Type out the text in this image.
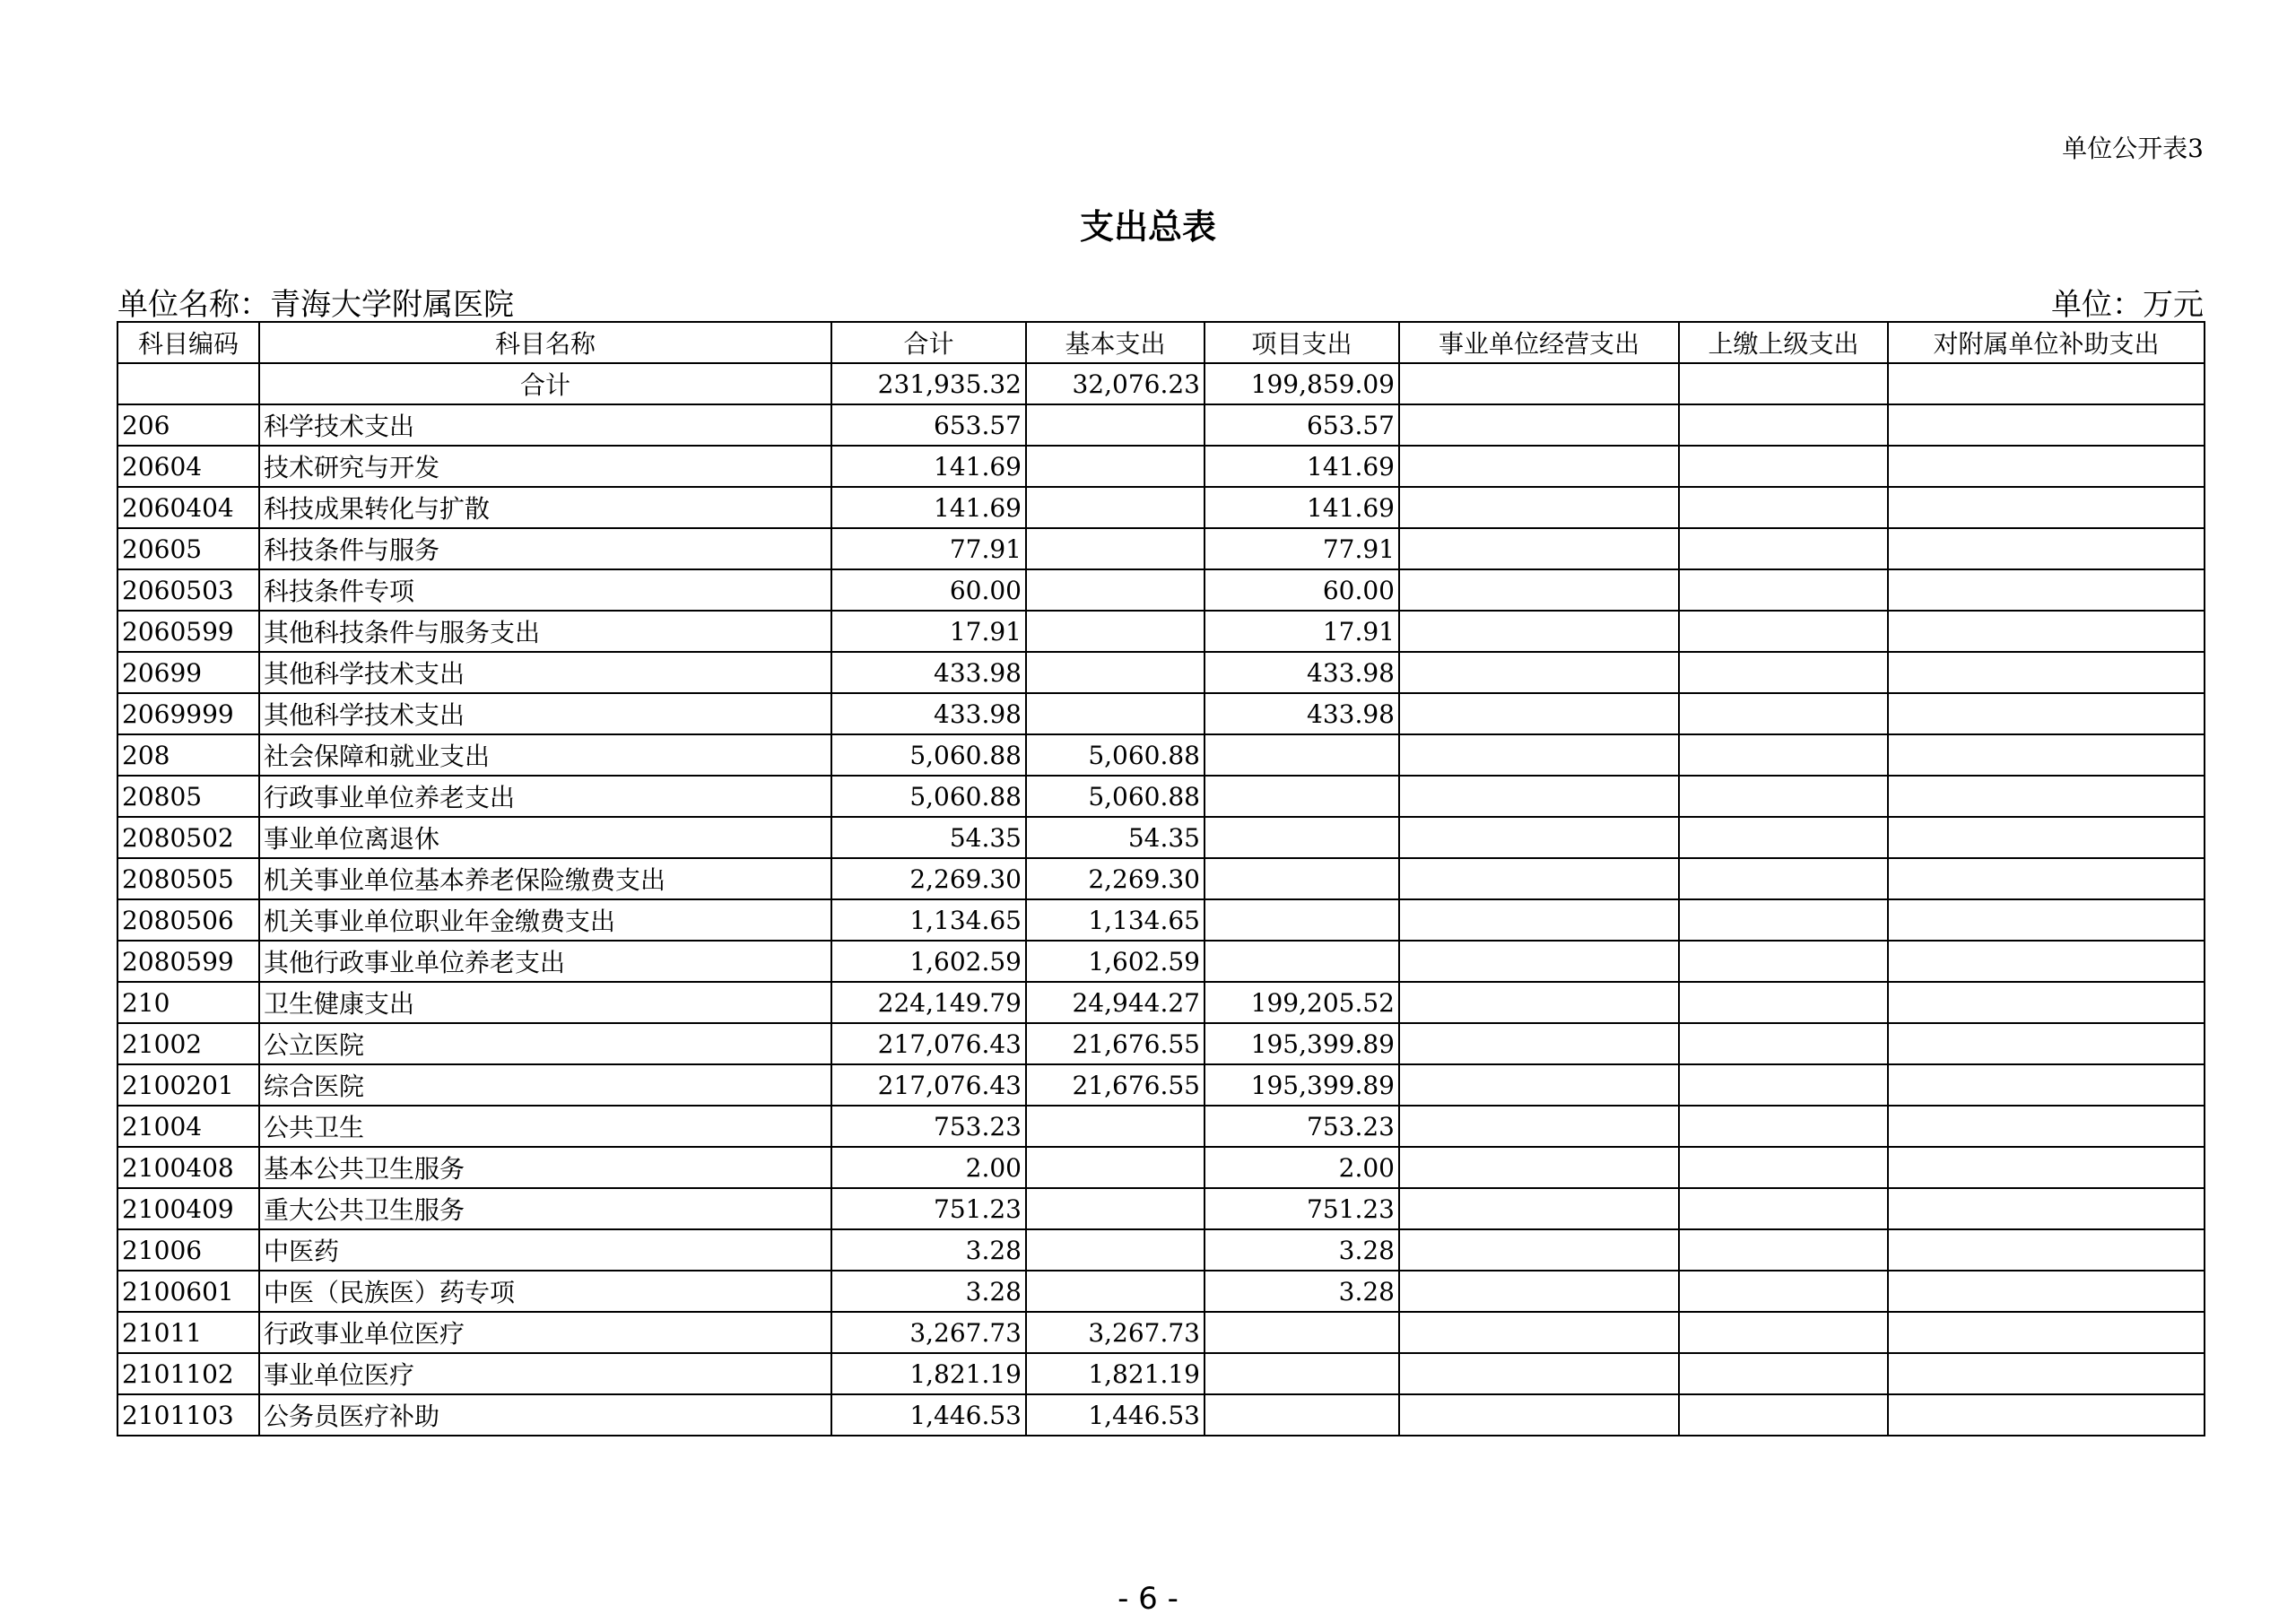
单位公开表3
支出总表
单位名称：青海大学附属医院	单位：万元
科目编码	科目名称	合计	基本支出	项目支出	事业单位经营支出	上缴上级支出	对附属单位补助支出
	合计	231,935.32	32,076.23	199,859.09			
206	科学技术支出	653.57		653.57			
20604	技术研究与开发	141.69		141.69			
2060404	科技成果转化与扩散	141.69		141.69			
20605	科技条件与服务	77.91		77.91			
2060503	科技条件专项	60.00		60.00			
2060599	其他科技条件与服务支出	17.91		17.91			
20699	其他科学技术支出	433.98		433.98			
2069999	其他科学技术支出	433.98		433.98			
208	社会保障和就业支出	5,060.88	5,060.88				
20805	行政事业单位养老支出	5,060.88	5,060.88				
2080502	事业单位离退休	54.35	54.35				
2080505	机关事业单位基本养老保险缴费支出	2,269.30	2,269.30				
2080506	机关事业单位职业年金缴费支出	1,134.65	1,134.65				
2080599	其他行政事业单位养老支出	1,602.59	1,602.59				
210	卫生健康支出	224,149.79	24,944.27	199,205.52			
21002	公立医院	217,076.43	21,676.55	195,399.89			
2100201	综合医院	217,076.43	21,676.55	195,399.89			
21004	公共卫生	753.23		753.23			
2100408	基本公共卫生服务	2.00		2.00			
2100409	重大公共卫生服务	751.23		751.23			
21006	中医药	3.28		3.28			
2100601	中医（民族医）药专项	3.28		3.28			
21011	行政事业单位医疗	3,267.73	3,267.73				
2101102	事业单位医疗	1,821.19	1,821.19				
2101103	公务员医疗补助	1,446.53	1,446.53				
- 6 -
